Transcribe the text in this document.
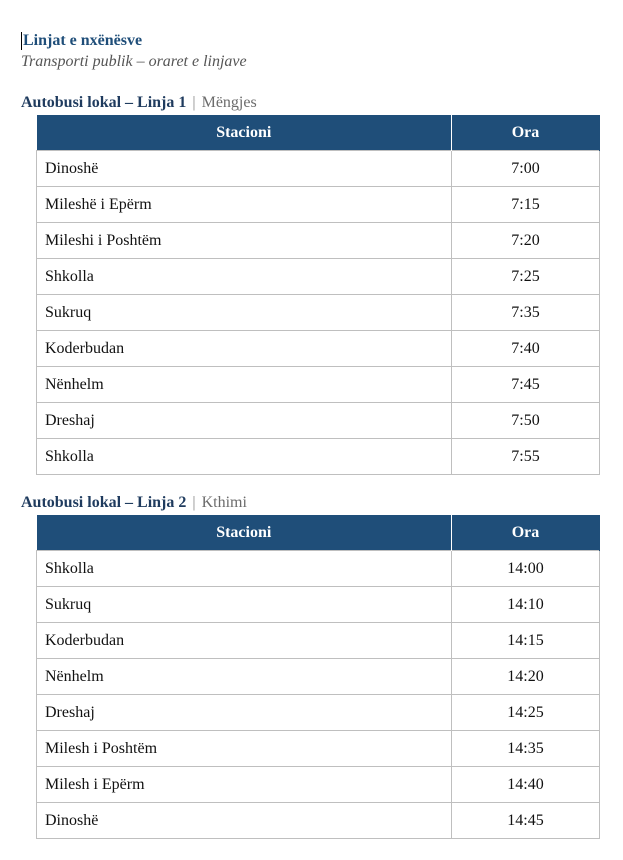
Linjat e nxënësve
Transporti publik – oraret e linjave
Autobusi lokal – Linja 1 | Mëngjes
Stacioni	Ora
Dinoshë	7:00
Mileshë i Epërm	7:15
Mileshi i Poshtëm	7:20
Shkolla	7:25
Sukruq	7:35
Koderbudan	7:40
Nënhelm	7:45
Dreshaj	7:50
Shkolla	7:55
Autobusi lokal – Linja 2 | Kthimi
Stacioni	Ora
Shkolla	14:00
Sukruq	14:10
Koderbudan	14:15
Nënhelm	14:20
Dreshaj	14:25
Milesh i Poshtëm	14:35
Milesh i Epërm	14:40
Dinoshë	14:45
